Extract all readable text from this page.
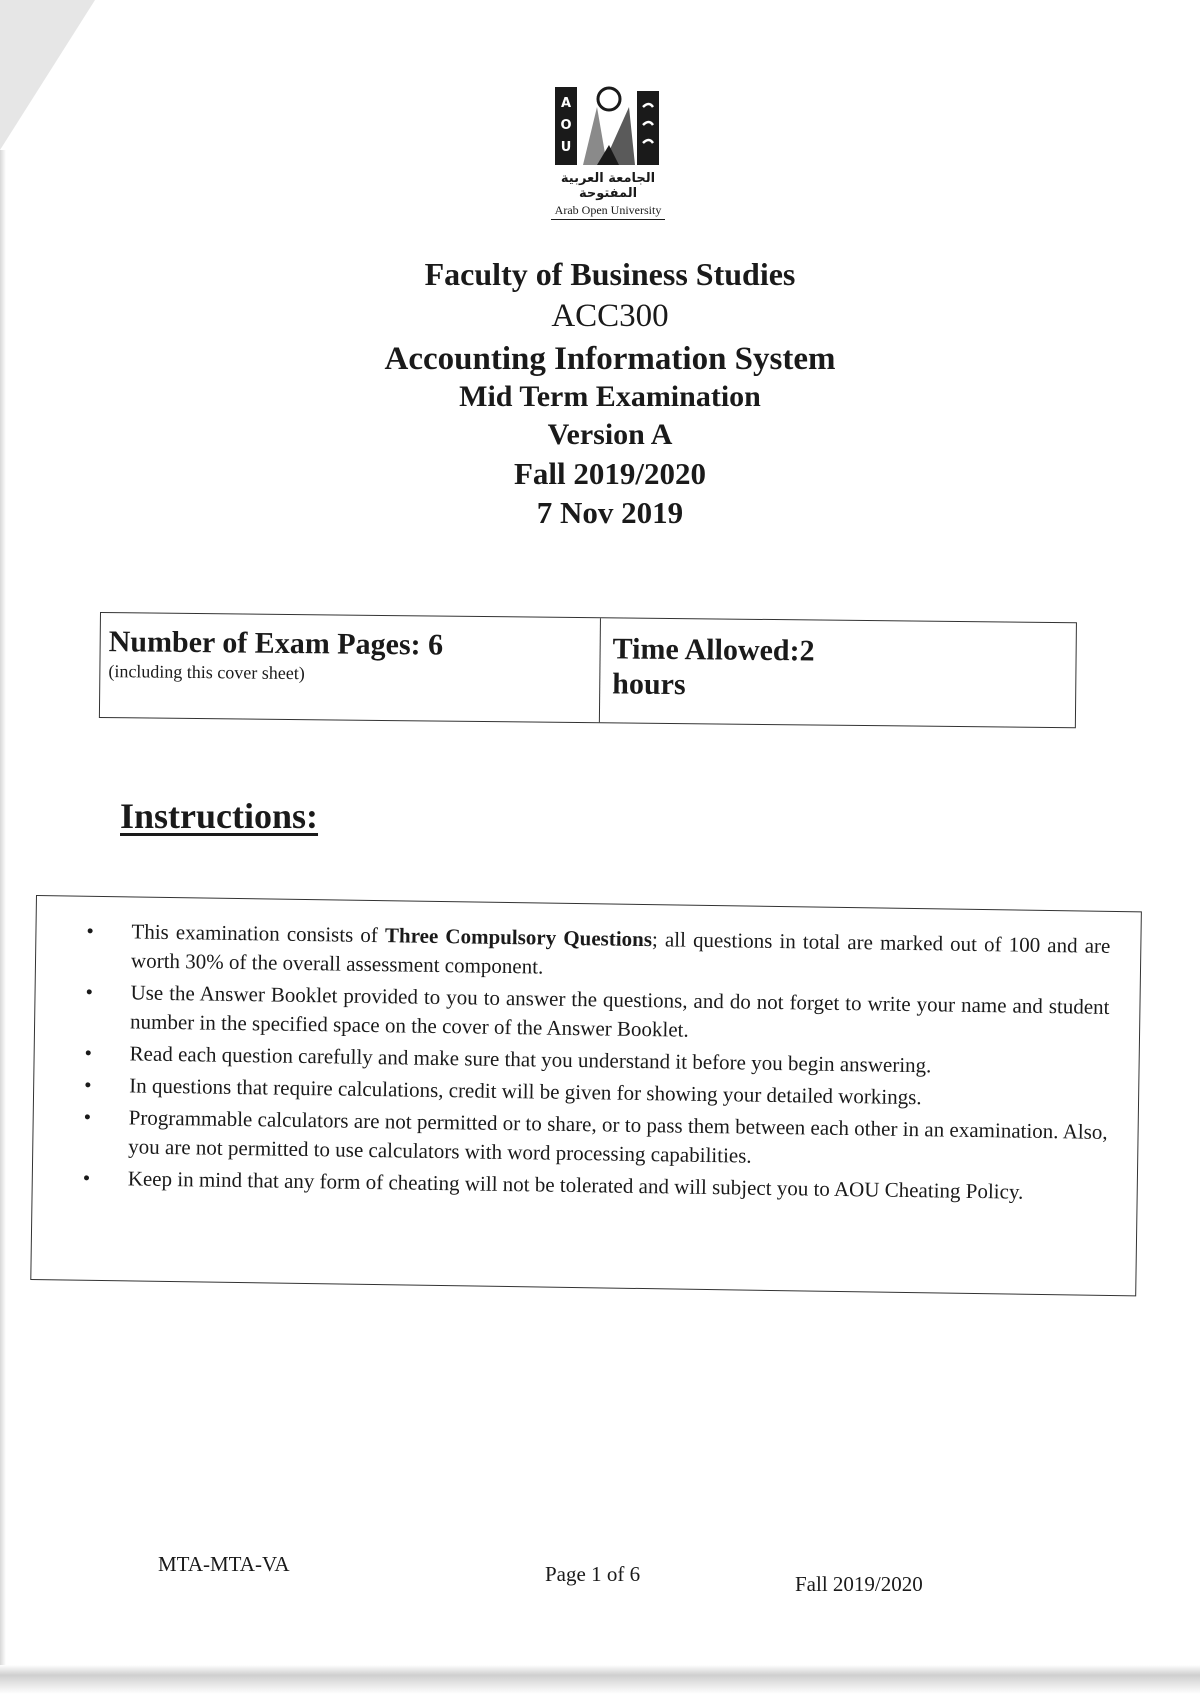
A
O
U
الجامعة العربية المفتوحة
Arab Open University
Faculty of Business Studies
ACC300
Accounting Information System
Mid Term Examination
Version A
Fall 2019/2020
7 Nov 2019
Number of Exam Pages: 6
(including this cover sheet)
Time Allowed:2 hours
Instructions:
• This examination consists of Three Compulsory Questions; all questions in total are marked out of 100 and are worth 30% of the overall assessment component.
• Use the Answer Booklet provided to you to answer the questions, and do not forget to write your name and student number in the specified space on the cover of the Answer Booklet.
• Read each question carefully and make sure that you understand it before you begin answering.
• In questions that require calculations, credit will be given for showing your detailed workings.
• Programmable calculators are not permitted or to share, or to pass them between each other in an examination. Also, you are not permitted to use calculators with word processing capabilities.
• Keep in mind that any form of cheating will not be tolerated and will subject you to AOU Cheating Policy.
MTA-MTA-VA	Page 1 of 6	Fall 2019/2020
